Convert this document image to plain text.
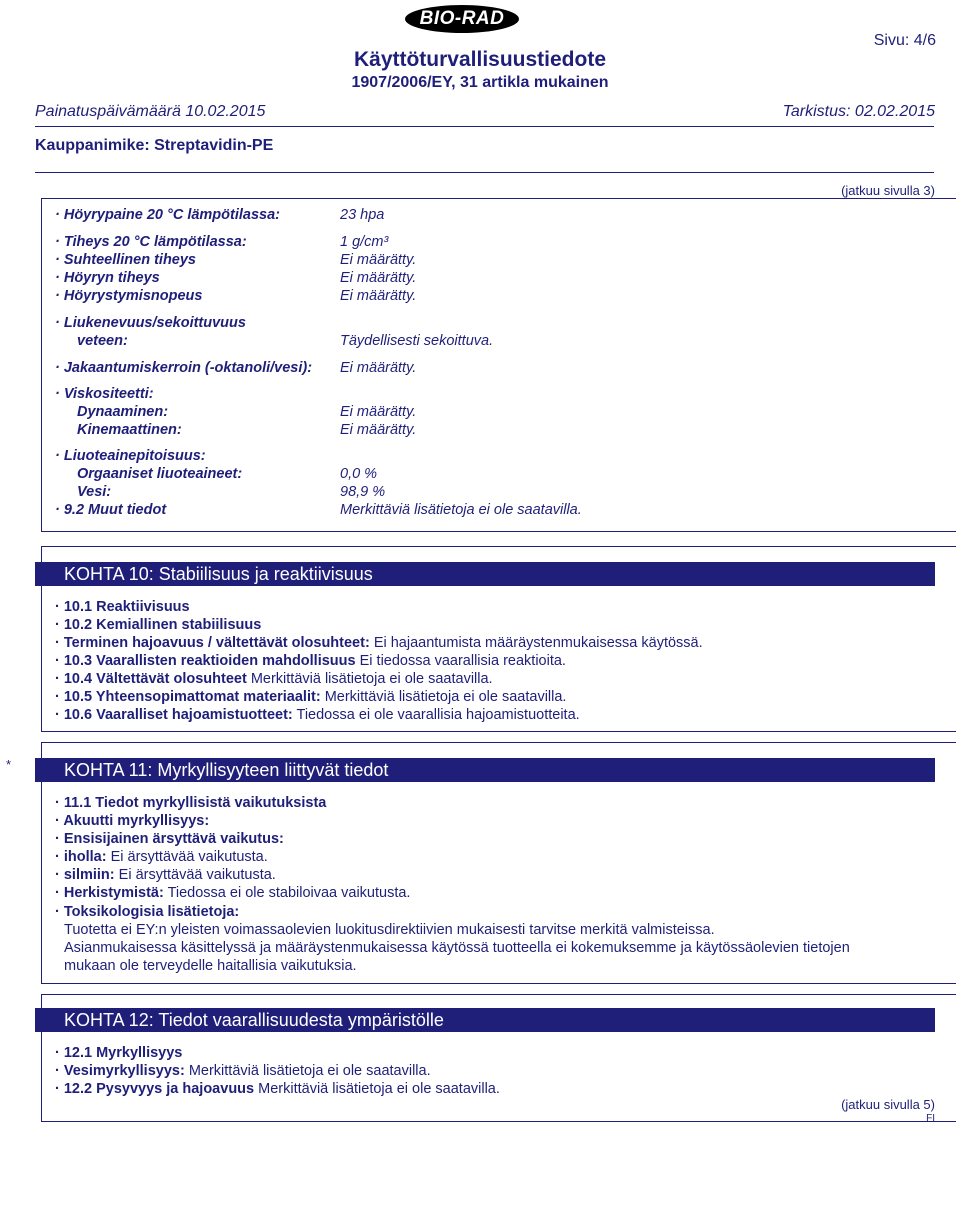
BIO-RAD
Käyttöturvallisuustiedote
1907/2006/EY, 31 artikla mukainen
Sivu: 4/6
Painatuspäivämäärä 10.02.2015	Tarkistus: 02.02.2015
Kauppanimike: Streptavidin-PE
(jatkuu sivulla 3)
· Höyrypaine 20 °C lämpötilassa:	23 hpa
· Tiheys 20 °C lämpötilassa:	1 g/cm³
· Suhteellinen tiheys	Ei määrätty.
· Höyryn tiheys	Ei määrätty.
· Höyrystymisnopeus	Ei määrätty.
· Liukenevuus/sekoittuvuus
veteen:	Täydellisesti sekoittuva.
· Jakaantumiskerroin (-oktanoli/vesi): Ei määrätty.
· Viskositeetti:
Dynaaminen:	Ei määrätty.
Kinemaattinen:	Ei määrätty.
· Liuoteainepitoisuus:
Orgaaniset liuoteaineet:	0,0 %
Vesi:	98,9 %
· 9.2 Muut tiedot	Merkittäviä lisätietoja ei ole saatavilla.
KOHTA 10: Stabiilisuus ja reaktiivisuus
· 10.1 Reaktiivisuus
· 10.2 Kemiallinen stabiilisuus
· Terminen hajoavuus / vältettävät olosuhteet: Ei hajaantumista määräystenmukaisessa käytössä.
· 10.3 Vaarallisten reaktioiden mahdollisuus Ei tiedossa vaarallisia reaktioita.
· 10.4 Vältettävät olosuhteet Merkittäviä lisätietoja ei ole saatavilla.
· 10.5 Yhteensopimattomat materiaalit: Merkittäviä lisätietoja ei ole saatavilla.
· 10.6 Vaaralliset hajoamistuotteet: Tiedossa ei ole vaarallisia hajoamistuotteita.
*	KOHTA 11: Myrkyllisyyteen liittyvät tiedot
· 11.1 Tiedot myrkyllisistä vaikutuksista
· Akuutti myrkyllisyys:
· Ensisijainen ärsyttävä vaikutus:
· iholla: Ei ärsyttävää vaikutusta.
· silmiin: Ei ärsyttävää vaikutusta.
· Herkistymistä: Tiedossa ei ole stabiloivaa vaikutusta.
· Toksikologisia lisätietoja:
Tuotetta ei EY:n yleisten voimassaolevien luokitusdirektiivien mukaisesti tarvitse merkitä valmisteissa.
Asianmukaisessa käsittelyssä ja määräystenmukaisessa käytössä tuotteella ei kokemuksemme ja käytössäolevien tietojen
mukaan ole terveydelle haitallisia vaikutuksia.
KOHTA 12: Tiedot vaarallisuudesta ympäristölle
· 12.1 Myrkyllisyys
· Vesimyrkyllisyys: Merkittäviä lisätietoja ei ole saatavilla.
· 12.2 Pysyvyys ja hajoavuus Merkittäviä lisätietoja ei ole saatavilla.
(jatkuu sivulla 5)
FI
